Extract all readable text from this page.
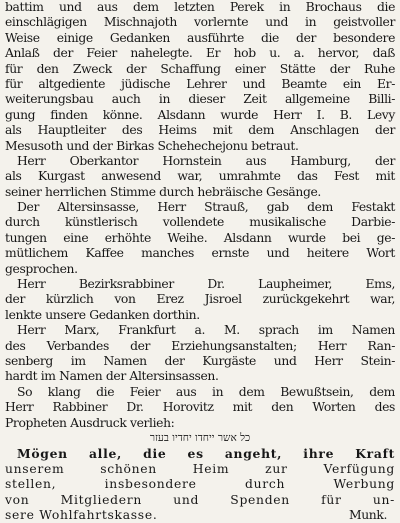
battim und aus dem letzten Perek in Brochaus die
einschlägigen Mischnajoth vorlernte und in geistvoller
Weise einige Gedanken ausführte die der besondere
Anlaß der Feier nahelegte. Er hob u. a. hervor, daß
für den Zweck der Schaffung einer Stätte der Ruhe
für altgediente jüdische Lehrer und Beamte ein Er-
weiterungsbau auch in dieser Zeit allgemeine Billi-
gung finden könne. Alsdann wurde Herr I. B. Levy
als Hauptleiter des Heims mit dem Anschlagen der
Mesusoth und der Birkas Schehechejonu betraut.
Herr Oberkantor Hornstein aus Hamburg, der
als Kurgast anwesend war, umrahmte das Fest mit
seiner herrlichen Stimme durch hebräische Gesänge.
Der Altersinsasse, Herr Strauß, gab dem Festakt
durch künstlerisch vollendete musikalische Darbie-
tungen eine erhöhte Weihe. Alsdann wurde bei ge-
mütlichem Kaffee manches ernste und heitere Wort
gesprochen.
Herr Bezirksrabbiner Dr. Laupheimer, Ems,
der kürzlich von Erez Jisroel zurückgekehrt war,
lenkte unsere Gedanken dorthin.
Herr Marx, Frankfurt a. M. sprach im Namen
des Verbandes der Erziehungsanstalten; Herr Ran-
senberg im Namen der Kurgäste und Herr Stein-
hardt im Namen der Altersinsassen.
So klang die Feier aus in dem Bewußtsein, dem
Herr Rabbiner Dr. Horovitz mit den Worten des
Propheten Ausdruck verlieh:
כל אשר ייחדו יחדיו בעזר
Mögen alle, die es angeht, ihre Kraft
unserem schönen Heim zur Verfügung
stellen, insbesondere durch Werbung
von Mitgliedern und Spenden für un-
sere Wohlfahrtskasse.	Munk.
